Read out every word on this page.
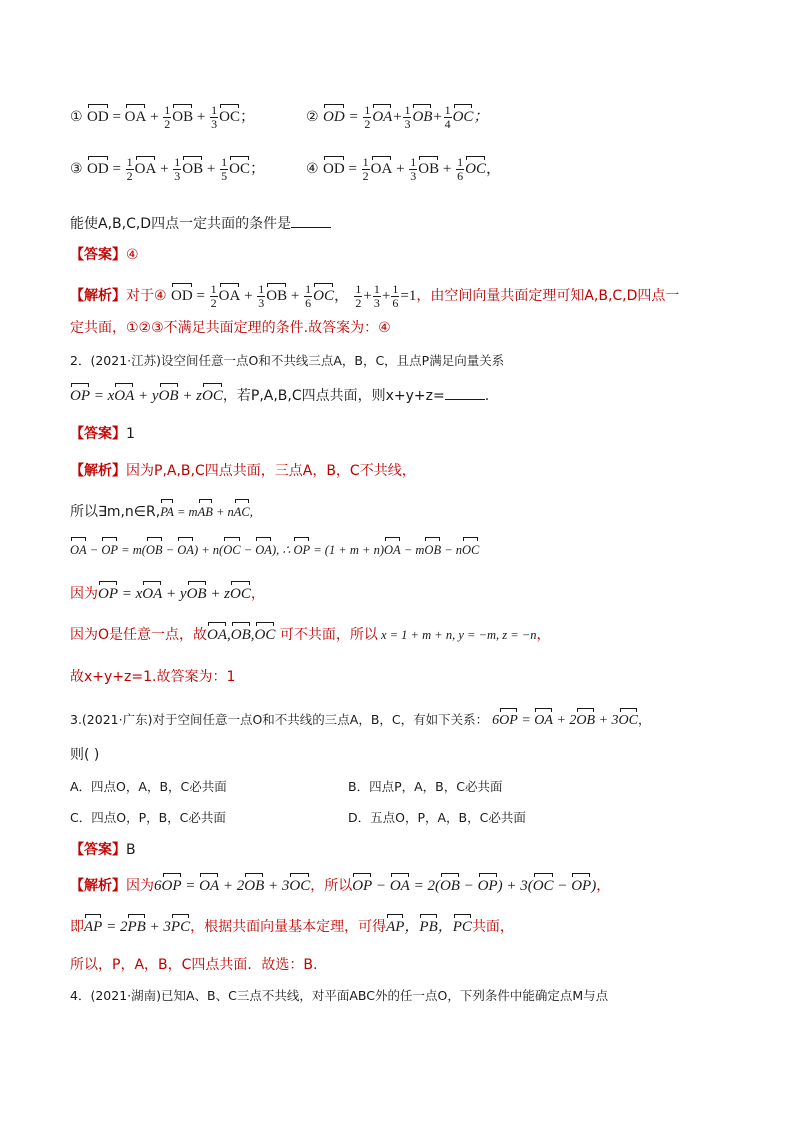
① OD = OA + $\frac{1}{2}$ OB + $\frac{1}{3}$ OC；	② OD = $\frac{1}{2} OA+ \frac{1}{3} OB+ \frac{1}{4}$ OC；
③ OD = $\frac{1}{2}$ OA + $\frac{1}{3}$ OB + $\frac{1}{5}$ OC；	④ OD = $\frac{1}{2}$ OA + $\frac{1}{3}$ OB + $\frac{1}{6}$ OC，
能使A,B,C,D四点一定共面的条件是
【答案】④
【解析】对于④ OD = $\frac{1}{2}$ OA + $\frac{1}{3}$ OB + $\frac{1}{6}$ OC， $\frac{1}{2} + \frac{1}{3} + \frac{1}{6} =1$，由空间向量共面定理可知A,B,C,D四点一
定共面，①②③不满足共面定理的条件.故答案为：④
2．(2021·江苏)设空间任意一点O和不共线三点A，B，C，且点P满足向量关系
OP = xOA + yOB + zOC，若P,A,B,C四点共面，则x+y+z=	.
【答案】1
【解析】因为P,A,B,C四点共面，三点A，B，C不共线，
所以∃m,n∈R,PA = mAB + nAC,
OA − OP = m(OB − OA) + n(OC − OA), ∴ OP = (1 + m + n)OA − mOB − nOC
因为OP = xOA + yOB + zOC，
因为O是任意一点，故OA,OB,OC 可不共面，所以 x = 1 + m + n, y = −m, z = −n，
故x+y+z=1.故答案为：1
3.(2021·广东)对于空间任意一点O和不共线的三点A，B，C，有如下关系： 6OP = OA + 2OB + 3OC，
则( )
A．四点O，A，B，C必共面	B．四点P，A，B，C必共面
C．四点O，P，B，C必共面	D．五点O，P，A，B，C必共面
【答案】B
【解析】因为6OP = OA + 2OB + 3OC，所以OP − OA = 2(OB − OP) + 3(OC − OP)，
即AP = 2PB + 3PC，根据共面向量基本定理，可得AP，PB，PC共面，
所以，P，A，B，C四点共面．故选：B.
4．(2021·湖南)已知A、B、C三点不共线，对平面ABC外的任一点O，下列条件中能确定点M与点
